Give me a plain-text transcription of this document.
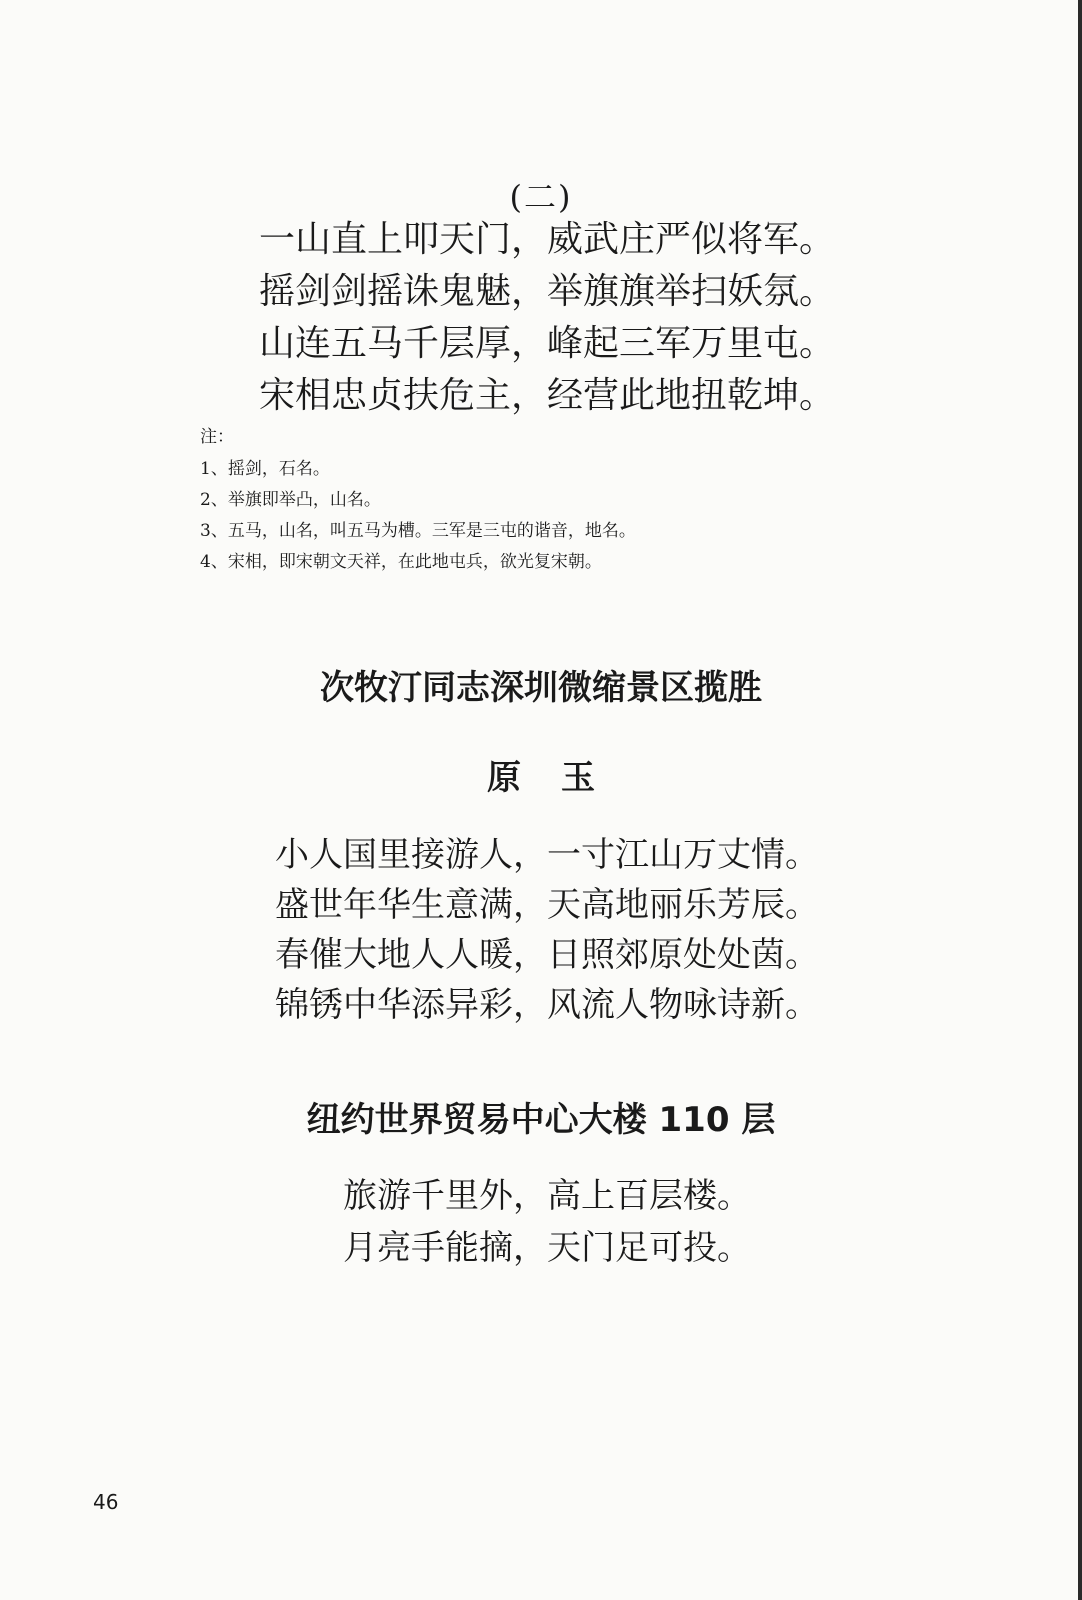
(二)
一山直上叩天门，威武庄严似将军。
摇剑剑摇诛鬼魅，举旗旗举扫妖氛。
山连五马千层厚，峰起三军万里屯。
宋相忠贞扶危主，经营此地扭乾坤。
注：
1、摇剑，石名。
2、举旗即举凸，山名。
3、五马，山名，叫五马为槽。三军是三屯的谐音，地名。
4、宋相，即宋朝文天祥，在此地屯兵，欲光复宋朝。
次牧汀同志深圳微缩景区揽胜
原玉
小人国里接游人，一寸江山万丈情。
盛世年华生意满，天高地丽乐芳辰。
春催大地人人暖，日照郊原处处茵。
锦锈中华添异彩，风流人物咏诗新。
纽约世界贸易中心大楼 110 层
旅游千里外，高上百层楼。
月亮手能摘，天门足可投。
46
